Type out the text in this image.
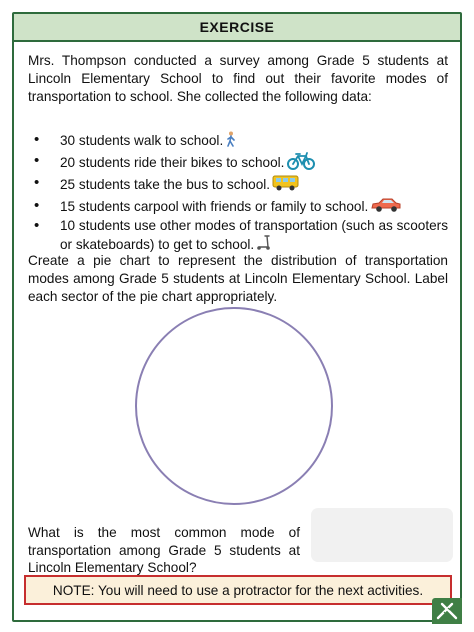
EXERCISE

Mrs. Thompson conducted a survey among Grade 5 students at Lincoln Elementary School to find out their favorite modes of transportation to school. She collected the following data:

• 30 students walk to school.
• 20 students ride their bikes to school.
• 25 students take the bus to school.
• 15 students carpool with friends or family to school.
• 10 students use other modes of transportation (such as scooters or skateboards) to get to school.

Create a pie chart to represent the distribution of transportation modes among Grade 5 students at Lincoln Elementary School. Label each sector of the pie chart appropriately.

What is the most common mode of transportation among Grade 5 students at Lincoln Elementary School?

NOTE: You will need to use a protractor for the next activities.
